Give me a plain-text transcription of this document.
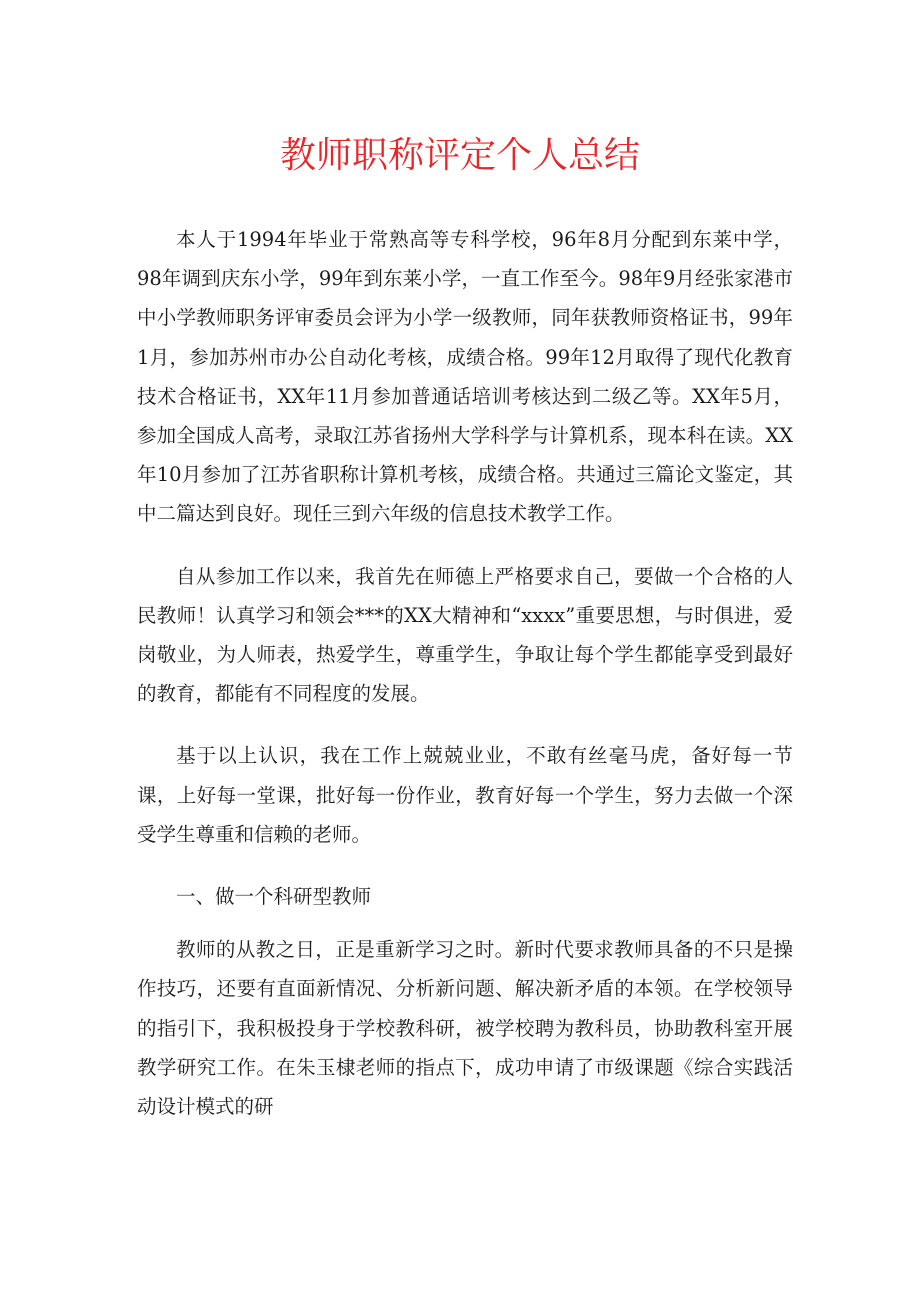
教师职称评定个人总结

本人于1994年毕业于常熟高等专科学校，96年8月分配到东莱中学，98年调到庆东小学，99年到东莱小学，一直工作至今。98年9月经张家港市中小学教师职务评审委员会评为小学一级教师，同年获教师资格证书，99年1月，参加苏州市办公自动化考核，成绩合格。99年12月取得了现代化教育技术合格证书，XX年11月参加普通话培训考核达到二级乙等。XX年5月，参加全国成人高考，录取江苏省扬州大学科学与计算机系，现本科在读。XX年10月参加了江苏省职称计算机考核，成绩合格。共通过三篇论文鉴定，其中二篇达到良好。现任三到六年级的信息技术教学工作。

自从参加工作以来，我首先在师德上严格要求自己，要做一个合格的人民教师！认真学习和领会***的XX大精神和“xxxx”重要思想，与时俱进，爱岗敬业，为人师表，热爱学生，尊重学生，争取让每个学生都能享受到最好的教育，都能有不同程度的发展。

基于以上认识，我在工作上兢兢业业，不敢有丝毫马虎，备好每一节课，上好每一堂课，批好每一份作业，教育好每一个学生，努力去做一个深受学生尊重和信赖的老师。

一、做一个科研型教师

教师的从教之日，正是重新学习之时。新时代要求教师具备的不只是操作技巧，还要有直面新情况、分析新问题、解决新矛盾的本领。在学校领导的指引下，我积极投身于学校教科研，被学校聘为教科员，协助教科室开展教学研究工作。在朱玉棣老师的指点下，成功申请了市级课题《综合实践活动设计模式的研
